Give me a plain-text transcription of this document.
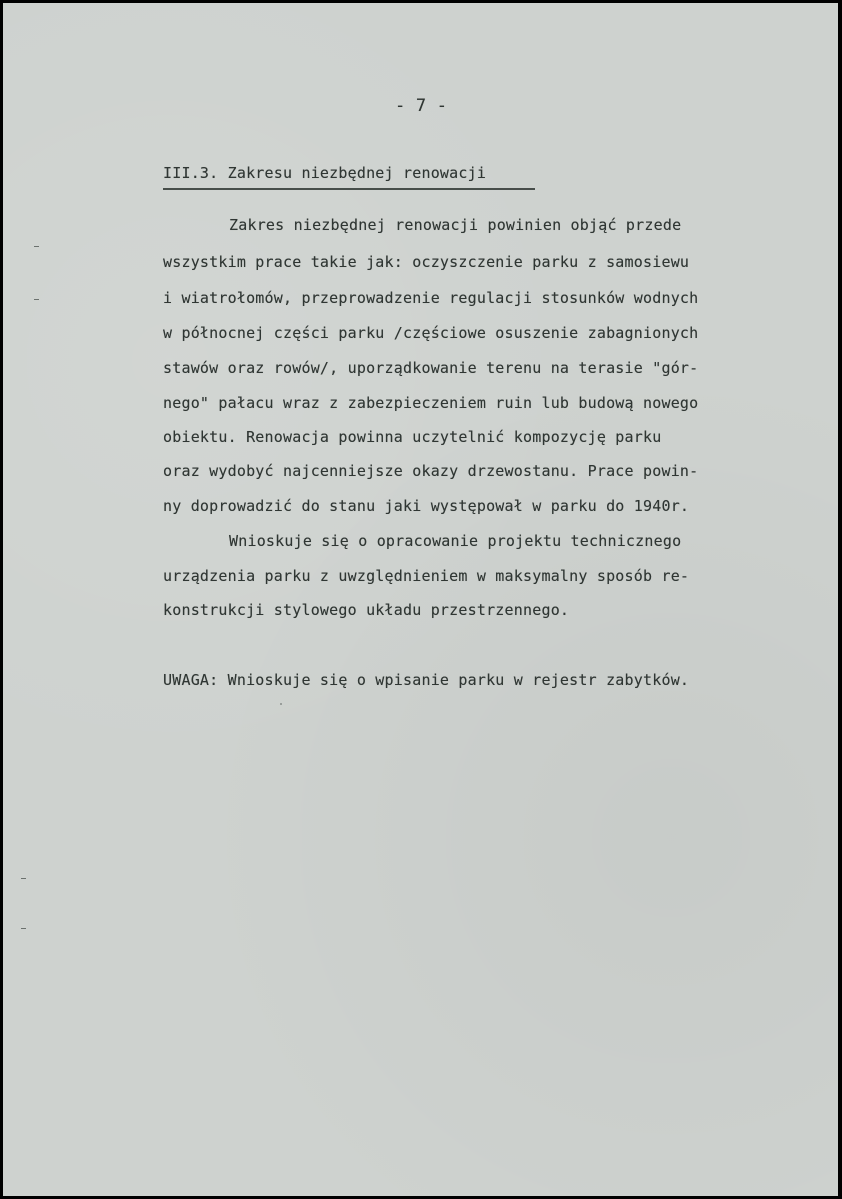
- 7 -
III.3. Zakresu niezbędnej renowacji
Zakres niezbędnej renowacji powinien objąć przede
wszystkim prace takie jak: oczyszczenie parku z samosiewu
i wiatrołomów, przeprowadzenie regulacji stosunków wodnych
w północnej części parku /częściowe osuszenie zabagnionych
stawów oraz rowów/, uporządkowanie terenu na terasie "gór-
nego" pałacu wraz z zabezpieczeniem ruin lub budową nowego
obiektu. Renowacja powinna uczytelnić kompozycję parku
oraz wydobyć najcenniejsze okazy drzewostanu. Prace powin-
ny doprowadzić do stanu jaki występował w parku do 1940r.
Wnioskuje się o opracowanie projektu technicznego
urządzenia parku z uwzględnieniem w maksymalny sposób re-
konstrukcji stylowego układu przestrzennego.
UWAGA: Wnioskuje się o wpisanie parku w rejestr zabytków.
